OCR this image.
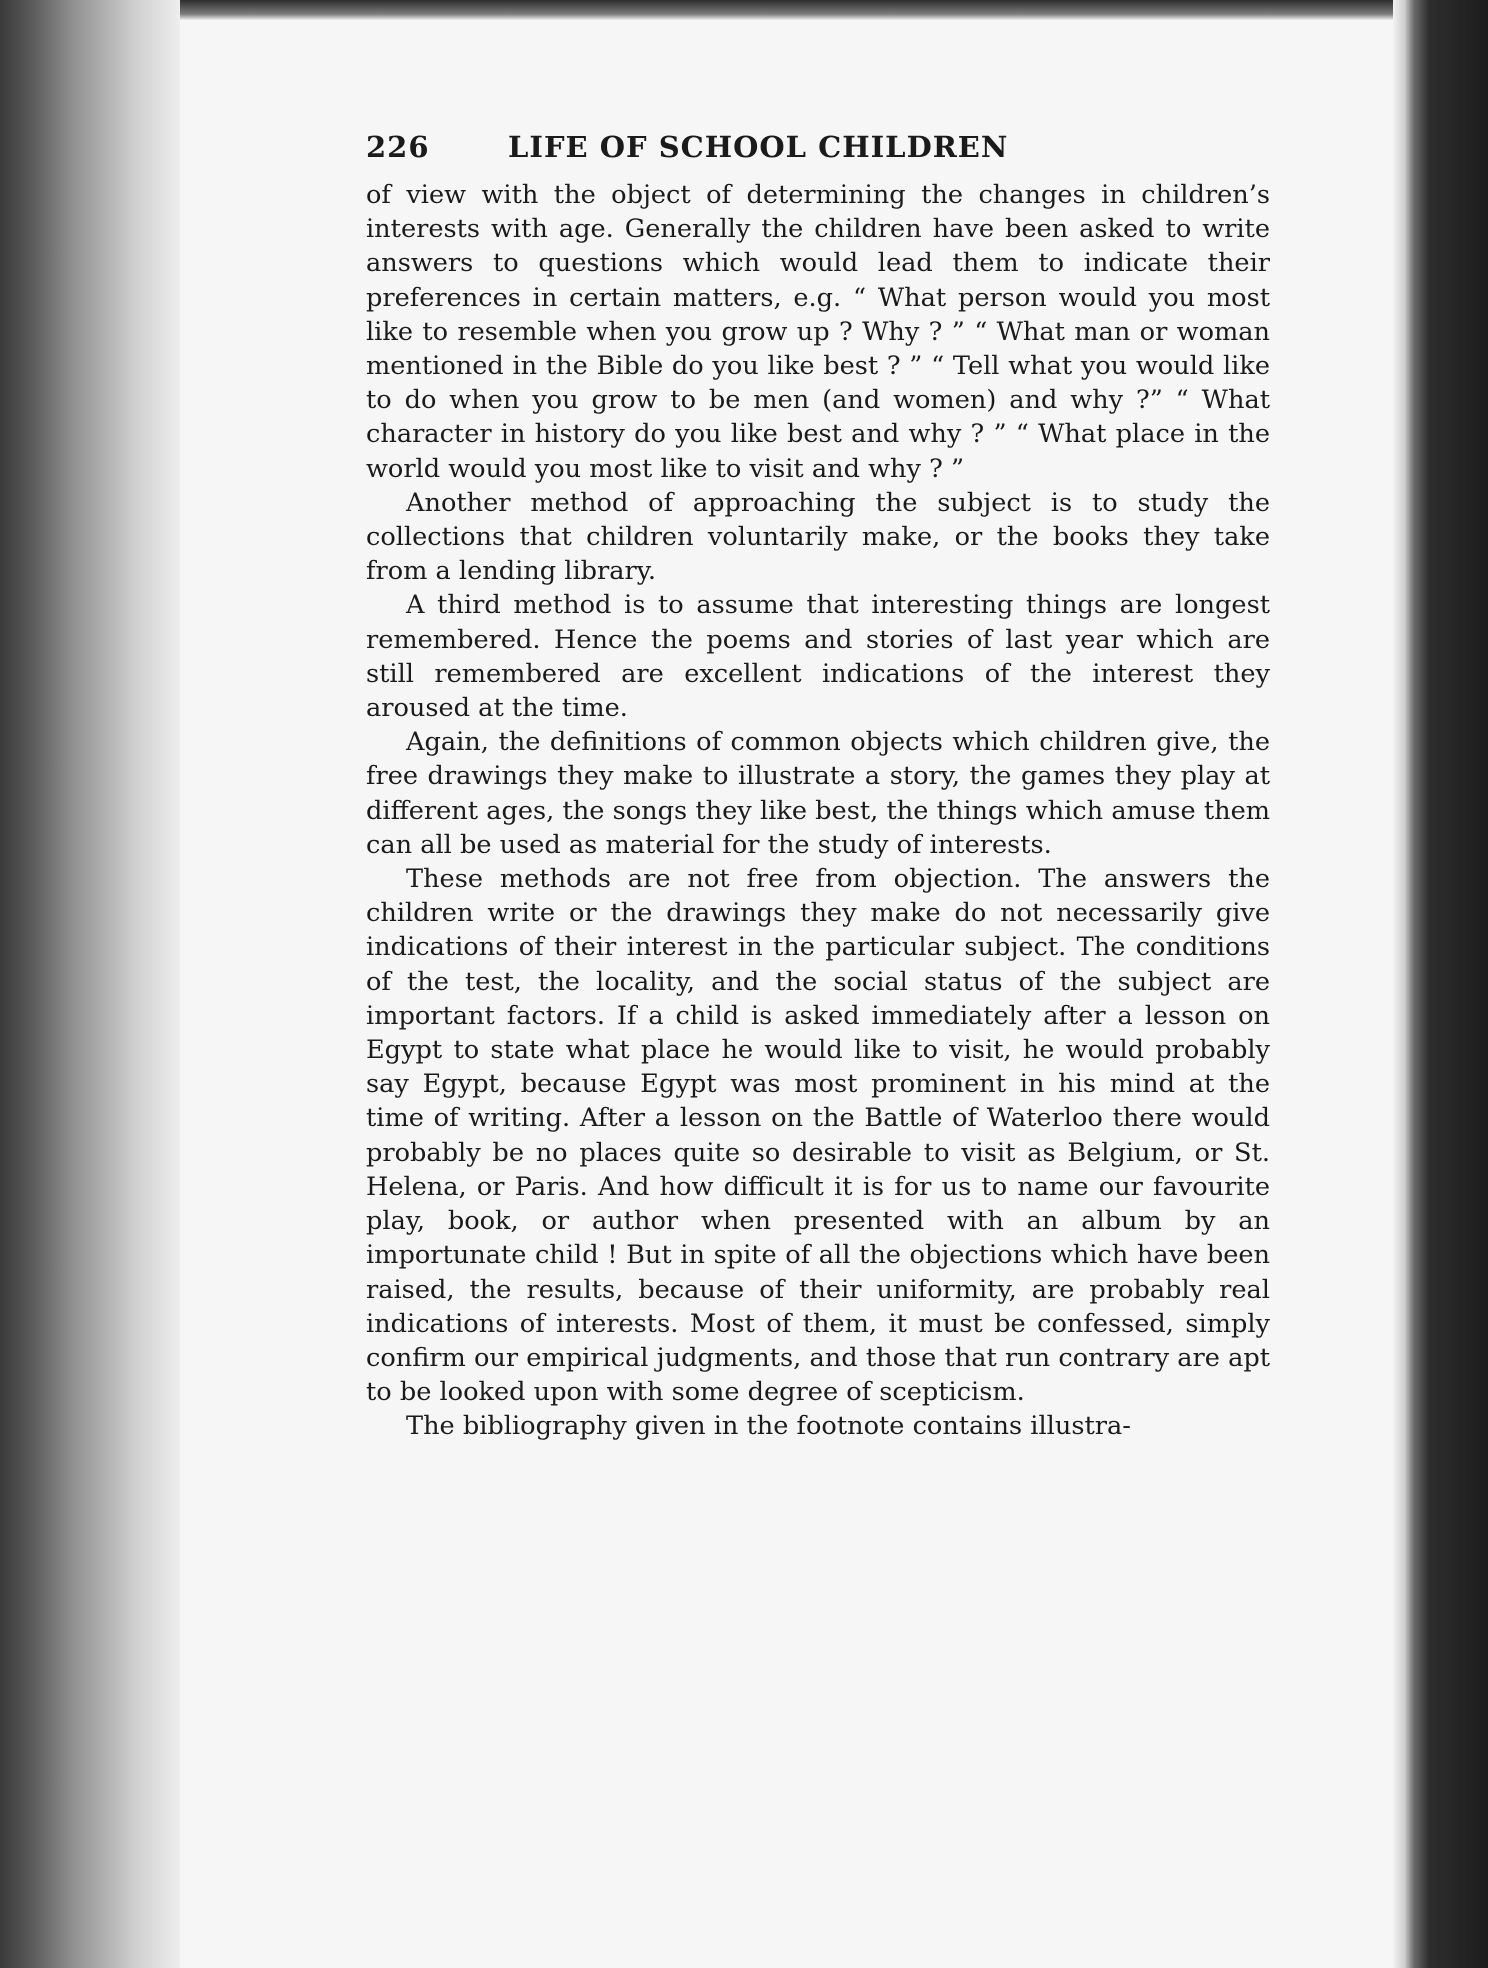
226	LIFE OF SCHOOL CHILDREN

of view with the object of determining the changes in children’s interests with age. Generally the children have been asked to write answers to questions which would lead them to indicate their preferences in certain matters, e.g. “ What person would you most like to resemble when you grow up ? Why ? ” “ What man or woman mentioned in the Bible do you like best ? ” “ Tell what you would like to do when you grow to be men (and women) and why ?” “ What character in history do you like best and why ? ” “ What place in the world would you most like to visit and why ? ”

Another method of approaching the subject is to study the collections that children voluntarily make, or the books they take from a lending library.

A third method is to assume that interesting things are longest remembered. Hence the poems and stories of last year which are still remembered are excellent indications of the interest they aroused at the time.

Again, the definitions of common objects which children give, the free drawings they make to illustrate a story, the games they play at different ages, the songs they like best, the things which amuse them can all be used as material for the study of interests.

These methods are not free from objection. The answers the children write or the drawings they make do not necessarily give indications of their interest in the particular subject. The conditions of the test, the locality, and the social status of the subject are important factors. If a child is asked immediately after a lesson on Egypt to state what place he would like to visit, he would probably say Egypt, because Egypt was most prominent in his mind at the time of writing. After a lesson on the Battle of Waterloo there would probably be no places quite so desirable to visit as Belgium, or St. Helena, or Paris. And how difficult it is for us to name our favourite play, book, or author when presented with an album by an importunate child ! But in spite of all the objections which have been raised, the results, because of their uniformity, are probably real indications of interests. Most of them, it must be confessed, simply confirm our empirical judgments, and those that run contrary are apt to be looked upon with some degree of scepticism.

The bibliography given in the footnote contains illustra-
